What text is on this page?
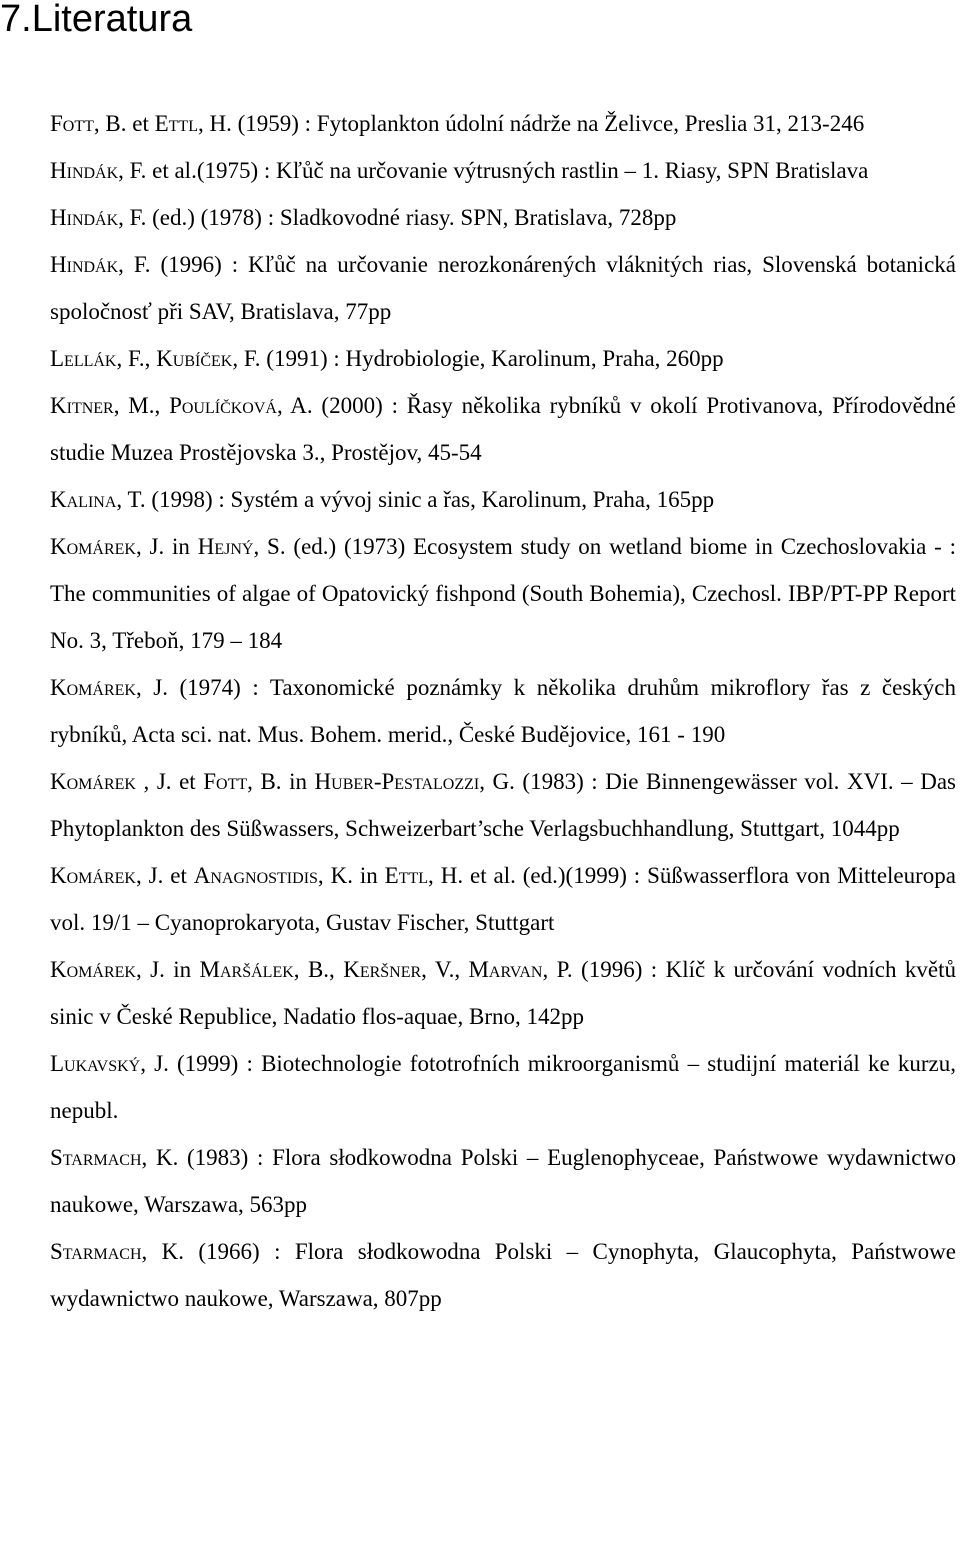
7.Literatura

Fott, B. et Ettl, H. (1959) : Fytoplankton údolní nádrže na Želivce, Preslia 31, 213-246

Hindák, F. et al.(1975) : Kľůč na určovanie výtrusných rastlin – 1. Riasy, SPN Bratislava

Hindák, F. (ed.) (1978) : Sladkovodné riasy. SPN, Bratislava, 728pp

Hindák, F. (1996) : Kľůč na určovanie nerozkonárených vláknitých rias, Slovenská botanická spoločnosť při SAV, Bratislava, 77pp

Lellák, F., Kubíček, F. (1991) : Hydrobiologie, Karolinum, Praha, 260pp

Kitner, M., Poulíčková, A. (2000) : Řasy několika rybníků v okolí Protivanova, Přírodovědné studie Muzea Prostějovska 3., Prostějov, 45-54

Kalina, T. (1998) : Systém a vývoj sinic a řas, Karolinum, Praha, 165pp

Komárek, J. in Hejný, S. (ed.) (1973) Ecosystem study on wetland biome in Czechoslovakia - : The communities of algae of Opatovický fishpond (South Bohemia), Czechosl. IBP/PT-PP Report No. 3, Třeboň, 179 – 184

Komárek, J. (1974) : Taxonomické poznámky k několika druhům mikroflory řas z českých rybníků, Acta sci. nat. Mus. Bohem. merid., České Budějovice, 161 - 190

Komárek , J. et Fott, B. in Huber-Pestalozzi, G. (1983) : Die Binnengewässer vol. XVI. – Das Phytoplankton des Süßwassers, Schweizerbart’sche Verlagsbuchhandlung, Stuttgart, 1044pp

Komárek, J. et Anagnostidis, K. in Ettl, H. et al. (ed.)(1999) : Süßwasserflora von Mitteleuropa vol. 19/1 – Cyanoprokaryota, Gustav Fischer, Stuttgart

Komárek, J. in Maršálek, B., Keršner, V., Marvan, P. (1996) : Klíč k určování vodních květů sinic v České Republice, Nadatio flos-aquae, Brno, 142pp

Lukavský, J. (1999) : Biotechnologie fototrofních mikroorganismů – studijní materiál ke kurzu, nepubl.

Starmach, K. (1983) : Flora słodkowodna Polski – Euglenophyceae, Państwowe wydawnictwo naukowe, Warszawa, 563pp

Starmach, K. (1966) : Flora słodkowodna Polski – Cynophyta, Glaucophyta, Państwowe wydawnictwo naukowe, Warszawa, 807pp
